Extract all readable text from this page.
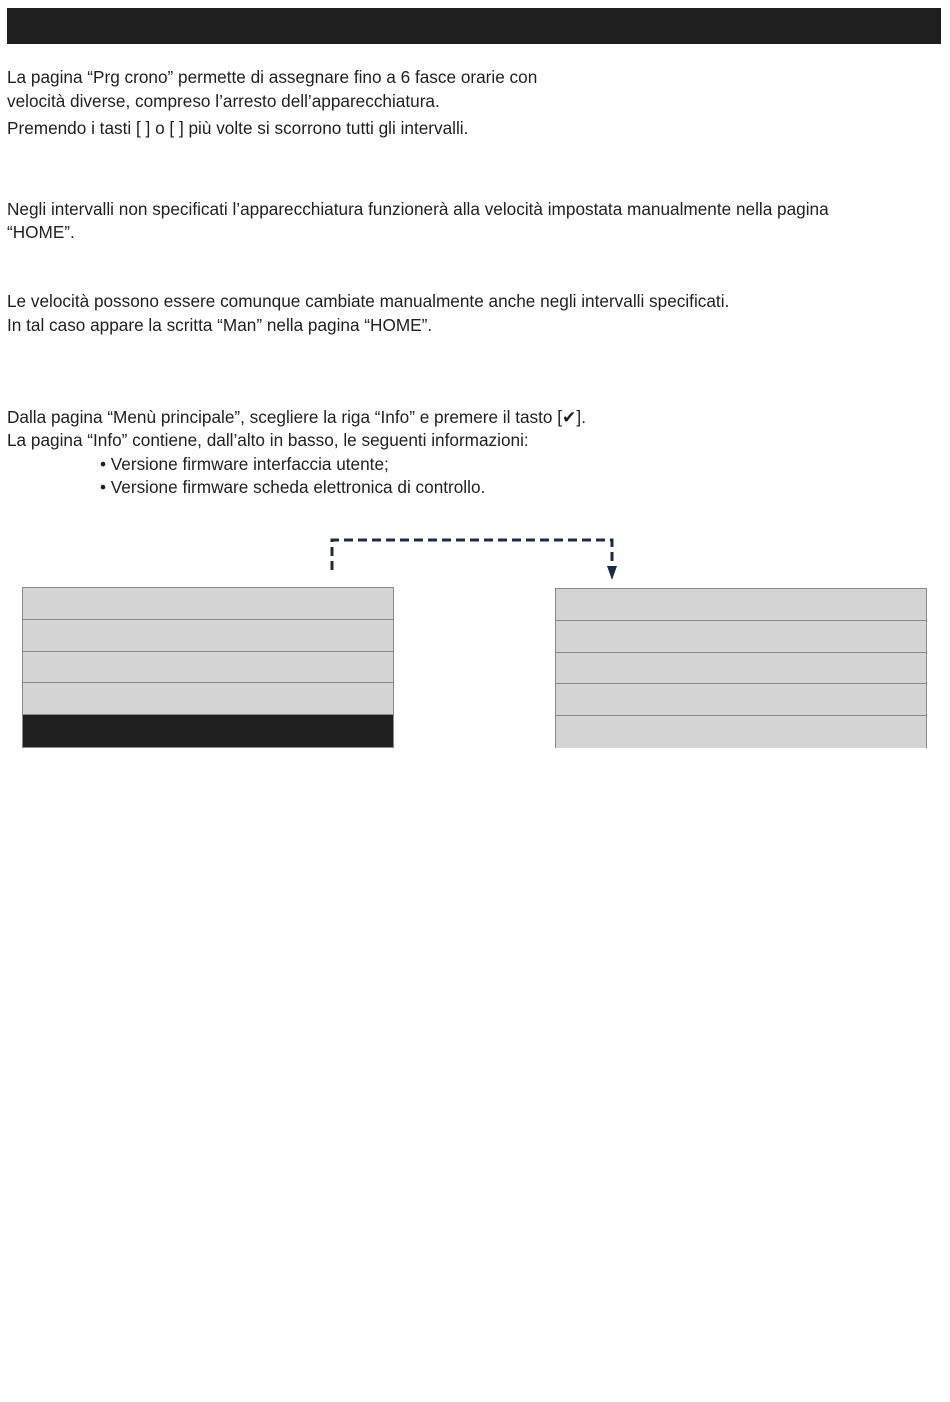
La pagina “Prg crono” permette di assegnare fino a 6 fasce orarie con

velocità diverse, compreso l’arresto dell’apparecchiatura.

Premendo i tasti [ ] o [ ] più volte si scorrono tutti gli intervalli.

Negli intervalli non specificati l’apparecchiatura funzionerà alla velocità impostata manualmente nella pagina

“HOME”.

Le velocità possono essere comunque cambiate manualmente anche negli intervalli specificati.

In tal caso appare la scritta “Man” nella pagina “HOME”.

Dalla pagina “Menù principale”, scegliere la riga “Info” e premere il tasto [✔].

La pagina “Info” contiene, dall’alto in basso, le seguenti informazioni:

• Versione firmware interfaccia utente;

• Versione firmware scheda elettronica di controllo.
